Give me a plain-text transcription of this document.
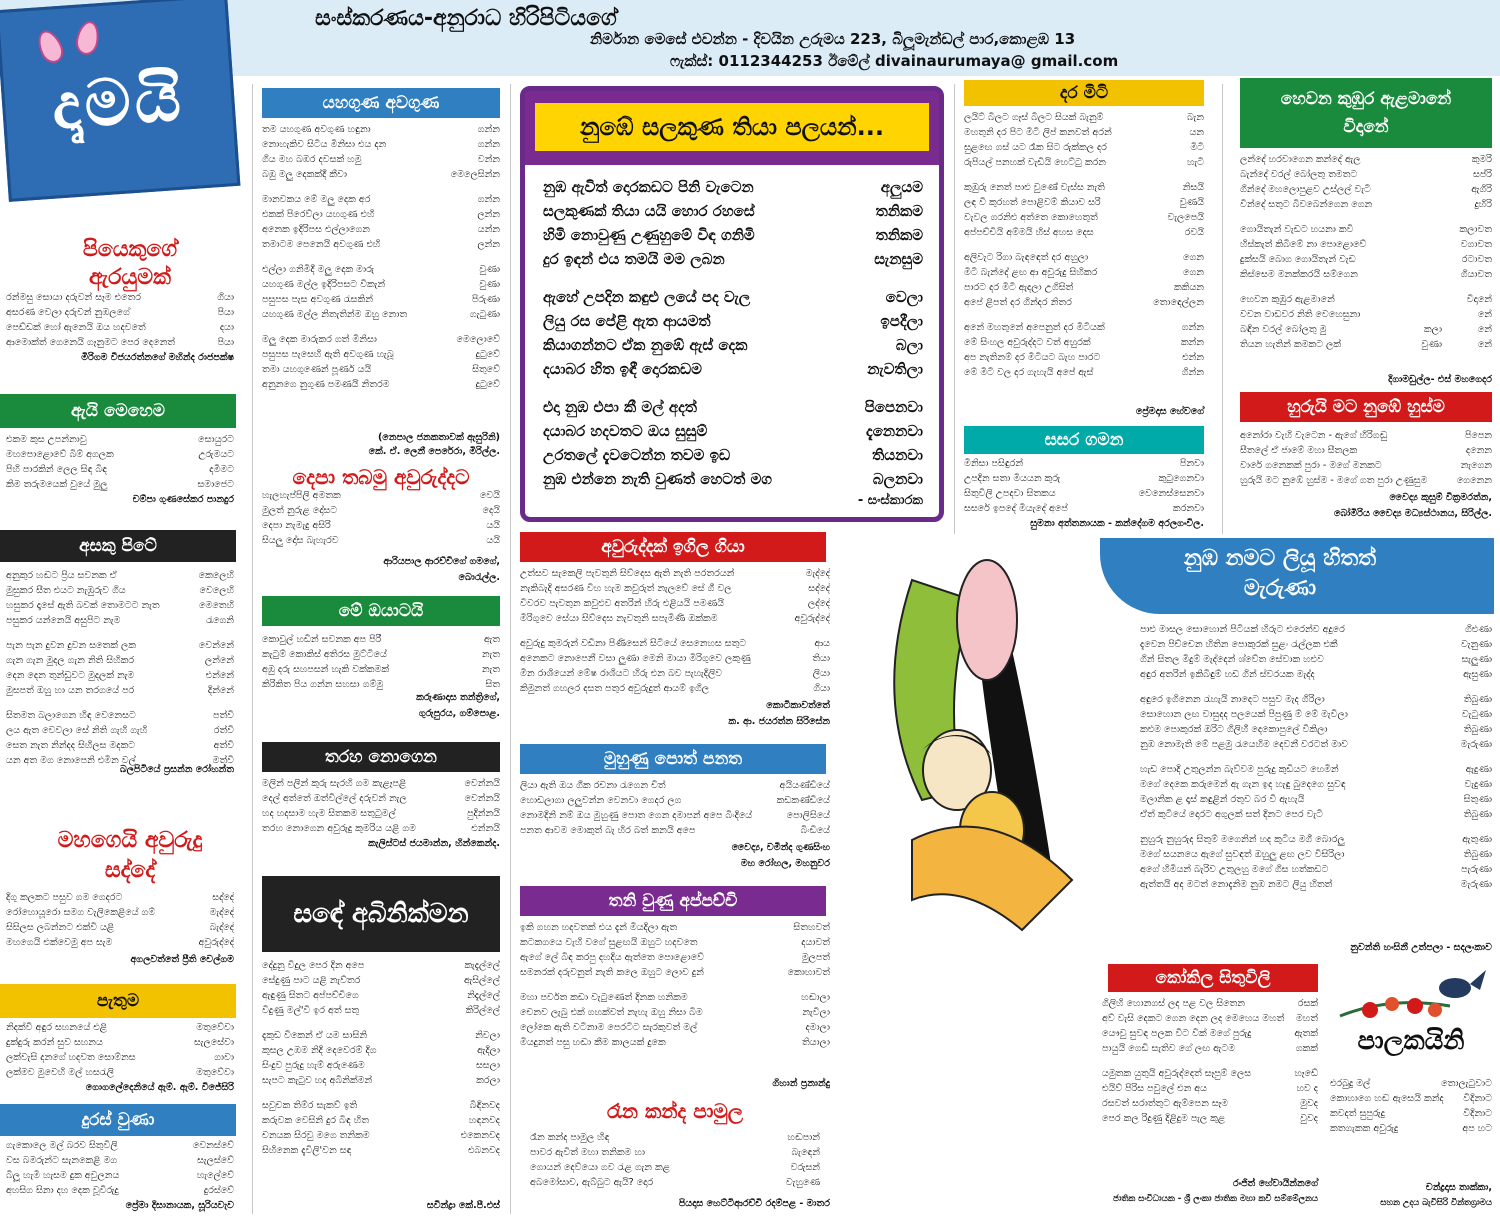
සංස්කරණය-අනුරාධ හිරිපිටියගේ
නිර්මාන මෙසේ එවන්න - දිවයින උරුමය 223, බිලූමැන්ඩල් පාර,කොළඹ 13
ෆැක්ස්: 0112344253 ඊමේල් divainaurumaya@ gmail.com
ද්‍රුමයි
පියෙකුගේ ඇරයුමක්
රන්මසු සොයා දරුවන් සෑම එතෙර	ගියා
අසරණ වෙලා දරුවන් නුඹලගේ	පියා
පෙඩ්ඩක් හෝ ඇනෙයි ඔය හදවතේ	දයා
ආමොක්ත් ගෙනෙයි ගෑනුමට පෙර දෙනෙත්	පියා
මිරිගම විජයරත්නගේ මහින්ද රාජපක්ෂ
ඇයි මෙහෙම
එකම කුස උපන්නාවු	සොයුරට
මහපොළොවේ බිම් අගලක	උරුමයට
පිහි පාරකින් ලෙල සිඳ බිඳ	දමීමට
කිම තරුමයෙක් වුයේ මුලු	සමාජෙට
චම්පා ගුණසේකර පානදුර
අසකු පිටේ
අනුකුර හඬට ප්‍රිය සවනක ඒ	කෙලෙහි
මුසුකර සීත එයට නැඹුරුව ගිය	වෙලෙහි
හසුකර දෑසේ ඇති බවක් තොමටට නැත	මෙතෙහි
පසුකර යන්නෙයි අසුපිට නැම	රැගෙනි
පැන පැන දුවන දුවන සතෙක් ලක	වෙන්නේ
ගැන ගැන මුදල ගැන නිති සිහිකර	ලන්නේ
දෙන දෙන තුන්ඩුවට මුදලක් නැම	එන්නේ
මුසපත් ඔහු හා යන තරගයේ පර	දින්නේ
සිතමත බලාගෙන හිඳ වෙනෙසට	පත්වී
ලය ඇත වෙවලා සේ නිති ගැහි ගැහි	රත්වී
සෙත නැත නින්දද සිහිලස මදකට	අත්වී
යන අත මග නොපෙනි එමින වල්	මත්වී
බලපිටියේ ප්‍රසන්න රෝහන්ත
මහගෙයි අවුරුදු සද්දේ
දිගු කලකට පසුව ගම ගෙදරට	සද්දේ
රෝහොයූරො සමග වැලිකෙළියේ ගම්	මැද්දේ
සිසිලස ලබන්නට එක්වී යළි	බැද්දේ
මහගෙයි එක්වෙමු අප සැම	අවුරුද්දේ
අගලවත්තේ ප්‍රීති වෙල්ගම
පැතුම
නිදක්වී අඳුර සහනයේ එළි	මතුවේවා
දුක්දුරු කරන් සුව සහනය	සැලසේවා
ලක්වැසි දනගේ හදවත සොම්නස	ගාවා
ලක්මව මුවෙහි මල් හසරැලි	මතුවේවා
ගොගලේදෙනියේ ඇම්. ඇම්. විජේසිරි
දුරස් වුණා
ගැකොලෙ මල් බරව සිතුවිලි	වෙනස්වේ
වස බමරුන්ට සැනකෙළි මග	සැලස්වේ
බිලූ හැමි හැසම දුක අවුලනය	හැලේවේ
අහසිග සිනා දහ දෙක වූවිරුදු	දුරස්වේ
ප්‍රේමා දිසානායක, සූරියවැව
යහගුණ අවගුණ
තම යහගුණ අවගුණ හඳුනා	ගන්න
නොහැකිව සිටිය මිනිසා එය දන	ගන්න
ගිය මහ බඹර දවසක් හමු	වන්න
බඹු මලු දෙකක්දී කීවා	මෙලෙසින්න
මානවකය මේ මලු දෙක අර	ගන්න
එකක් පිරෙව්ලා යහගුණ එහි	ලන්න
අනෙක ඉදිරිපස එල්ලාගෙන	යන්න
තමාටම පෙනෙයි අවගුණ එහි	ලන්න
එල්ලා ගනිමිදී මලු දෙක මාරු	වුණා
යහගුණ මල්ල ඉදිරිපසට වීකැන්	වුණා
පසුපස පැස අවගුණ රැසකින්	පිරුණා
යහගුණ මල්ල නිතැතින්ම ඔහු නොත	ගැටුණා
මලු දෙක මාරුකර ගත් මිනිසා	මෙලොවේ
පසුපස පැසෙහි ඇති අවගුණ හැබූ	දුටුවේ
තමා යහගුණෙන් පූර්ණ යයි	සිතුවේ
අනුනගෙ නුගුණ පමණයි නිතරම	දුටුවේ
(නෙපාල ජනකතාවක් ඇසුරිනි)
කේ. ඒ. ලෙනී පෙරේරා, මිරිල්ල.
දෙපා තබමු අවුරුද්දට
හැලහැප්පිලි අමතක	වෙයි
මුලත් නුරුළ දෝසට	දෙයි
දෙපා නැමැදු අසිරි	යයි
සියලු දෝස බැහැරව	යයි
ආරියපාල ආරච්චිගේ ගමගේ,
බොරැල්ල.
මේ ඔයාටයි
කොවුල් හඩින් සවනක අප පිරී	ඇත
කැටුම් කොකිස් අතිරස මුට්ටියේ	නැත
අඹු දරු සහපසන් හැකි වක්කමක්	නැත
කිරිකිත පිය ගන්න සහසා ගම්මු	සිත
කරුණාදාස තන්ත්‍රිගේ,
ගුරුපුරය, ගම්පොළ.
තරහ නොගෙන
මලින් පලින් කුරු සැරහි ගම කැළෑපළි	වෙන්නයි
දෙල් අත්තේ ඔත්වීල්ලේ දරුවන් නැල	වෙන්නයි
හද හදසාම හැම සිතකම සතුටුමල්	පුදින්නයි
තරහ නොගෙන අවුරුදු කුමරිය යළි ගම	එන්නයි
කැලිස්ටස් ජයමාන්න, හින්කෙන්ද.
සඳේ අබිනික්මන
දේදුනු විදුල පෙර දින අපෙ	කැදැල්ලේ
සේදුණු පාට යළි නැව්තර	ඇසිල්ලේ
ඇඳුණු සිතට අප්පච්චිගෙ	නිදැල්ලේ
විදුණු මල්'වි ඉර අත් සතු	කිරිල්ලේ
දැකුඩ වීකෙන් ඒ යම සාසිනි	නිවලා
කුසල උඹම නිදි දෙවෙරම් දිග	ඇදිලා
සිංදුව පුරුදු හැම් අරුණෙම	සසලා
සැපට කැටුව හද අබිනික්මන්	කරලා
සවුචක තිම්ර සැකව් ඉති	බිඳිනවද
කරුවක වෙසිනි දුර බිඳ හිත	හඳනවද
චනයක සිරවු මගෙ තනිකම	එකෙනවද
සිහිනෙක දැවිලි'වන සඳ	එබනවද
සවින්ද්‍රා කේ.පී.එස්
නුඹේ සලකුණ තියා පලයන්...
නුඹ ඇවිත් දොරකඩට පිනි වැටෙන	අලුයම
සලකුණක් තියා යයි හොර රහසේ	තනිකම
හිමි නොවුණු උණුහුමේ විඳ ගනිමි	තනිකම
දුර ඉඳන් එය තමයි මම ලබන	සැනසුම
ඇහේ උපදින කඳුළු ලයේ පද වැල	වෙලා
ලියු රස පේළි ඇත ආයමත්	ඉපදීලා
කියාගන්නට ඒක නුඹේ ඇස් දෙක	බලා
දයාබර හිත ඉඳී දොරකඩම	නැවතිලා
එදා නුඹ එපා කී මල් අදත්	පිපෙනවා
දයාබර හදවතට ඔය සුසුම්	දැනෙනවා
උරතලේ දැවටෙන්න තවම ඉඩ	තියනවා
නුඹ එන්නෙ නැති වුණත් හෙටත් මග	බලනවා
- සංස්කාරක
අවුරුද්දක් ඉගිල ගියා
උත්සව සැකෙලි පැවතුනි සිව්දෙස ඇති නැති පරතරයන්	මැද්දේ
නැකිබැදි අසරණ විහ හැම කවුරුත් නැලවේ සේ ගී වල	සද්දේ
විවරව පැවතුන කවුළුව අතරින් හිරු එළියයි පමණයි	ලද්දේ
මිරිගුවෙ සේයා සිව්දෙස නැවතුනි සපැමිණි ඔක්කම	අවුරුද්දේ
අවුරුදු කුමරුන් වඩිනා පිණිසෙන් සිටියේ සෙනෙහස සතුට	ආය
අනෙකට නොපෙනී වසා ලුණා මෙනි මායා මිරිගුවෙ ලකුණු	තියා
මීන රාශියෙන් මේෂ රාශියට හිරු එන බව පැහැදිලිව	ලියා
කිමුනත් ගහලර දසත පතුර අවුරුදුත් ආයම් ඉගිල	ගියා
කොටිකාවත්තේ
ක. ආ. ජයරත්න සිරිසේන
මුහුණු පොත් පනත
ලියා ඇති ඔය ගීක රචනා රැගෙන චිත්	අයියණ්ඩියේ
හොඩලාගා ලලුවන්න වෙනවා ගෙදර ලග	කඩකණ්ඩියේ
නොමදිනි නම් ඔය මුහුණු පොත ගෙන දමාපන් අපෙ බිංදියේ	පොලිසියේ
පනත ආවම මොකුත් බැ හිර බත් කනයි අපෙ	බිංඩියේ
වෛද්‍ය, චමින්ද ගුණසිංහ
මහ රෝහල, මහනුවර
තනි වුණු අප්පච්චි
ඉකි ගහන හදවතක් එය දැන් මියදිලා ඇත	සිතහවත්
කටකගයෙ වැහි වගේ සුළඟයි ඔහුට හදවතෙ	දයාවත්
ඇගේ ලේ බිඳ කරපු දහදිය ඇත්තෙ පොළොවේ	මුලපත්
සමනරක් දරුවනුත් නැති කලෙ ඔහුට ලොව දුන්	කොහාවත්
මහා පර්වත කඩා වැටුණෙත් දිනක හනිකම	හඬාලා
චෙනව ලැබු එක් ගහක්වත් නැහැ ඔහු නිසා බිම	නැවීලා
ලෝකෙ ඇති වටිනාම පෙරටිට සැරකුවත් මල්	දමාලා
මියදුනත් පසු හඬා කීම කාලයක් දුකෙ	තියාලා
ගිහාන් ප්‍රනාන්දු
රෑන කන්ද පාමුල
රෑන කන්ද පාමුල හිඳ	හඬපාන්
පාවර ඇවිත් මහා තනිකම හා	බැඳෙන්
ගොයන් දෙව්යො ගව රැළ ගැන කළ	වරුසන්
අබමෝසාව, ඇබ්බුට ඇයි? දොර	වැහුණෙ
පියදාස හෙට්ටිආරච්චි රදම්පළ - මාතර
දර මිටි
ලයිට් බිලට ගෑස් බිලට සියක් බැනුම්	බැන
මහතුනි දර පිට මිටි ලිප් කනවත් අරන්	යන
සුළඟෙ ගස් යට රෑක සිට රුක්කල දර	මිටි
රුපියල් පනහක් වැඩියි හෙට්ටු කරන	හැටි
කුඹුරු නෙත් පාළු වුණේ වැස්ස නැති	නිසයි
ලඳ වී කුරහත් පොළිවම් කියාව සරි	වුණයි
වැවල ගරනිළු අත්තෙ කොහෙතුත්	වැලපෙයි
අප්පච්චියි අම්මයි හිස් අහස දෙස	රවයි
අලිවැට රිගා බැඳඳෙත් දර අහුලා	ගෙන
මිටි බැන්දේ ළඟ ආ අවුරුදු සිහිකර	ගෙන
පාරට දර මිටි ඇදලා උගිසිත්	කකියන
අපේ ළිපත් දර ගින්දර නිතර	තොඳෙල්ලන
අනේ මහතුනේ අපෙනුත් දර මිටියක්	ගන්න
මේ සිංහල අවුරුද්දට වත් අහුරක්	කන්න
අප නැතිනම් දර මිටියට බැහ පාරට	එන්න
මේ මිටි වල දර ගැහැයි අපේ ඇස්	ගින්න
ප්‍රේමදාස හේවගේ
සසර ගමන
මිනිසා පසිඳුරන්	පිනවා
උපදින සතා මියයන කුරු	කුටුගෙනවා
සිතුවිලි උපදවා සිතකය	වෙනෙස්සෙනවා
සසරේ ඉපදේ මියැදේ අපේ	කරනවා
සුමනා අත්තනායක - කන්දේගම අරලගංවිල.
හෙවන කුඹුර ඇළමානේ විදානේ
ලන්දේ හරවාගෙන කන්දේ ඇල	කුමරි
බැන්දේ වරල් බෝලතු තමතට	සප්රි
ගින්දේ මහලොපුළව උස්ලල් වැටි	ඇගිරි
වින්දේ සතුට බිවබෙන්ගෙන ගෙන	දුහිරි
ගොයිතැන් වැඩට හයනා කවි	කලාවත
හිස්කැත් කිබිමේ නා පොළොවේ	වගාවත
දුක්සයි බොග ගොයිතැන් වැඩ	රටාවත
කිස්සෙම මනක්කරයි සම්ගෙන	ගියාවත
හෙවන කුඹුර ඇළමානේ	විදානේ
වවන වාඩවර නිති වෙහෙසුනා	නේ
බඳින වරල් බෝලතු මු	නේ
කලා
තියන හැතින් කමකට ලක්	නේ
වුණා
දිගාමඩුල්ල- එස් මහගෙදර
හුරුයි මට නුඹේ හුස්ම
අනෝරා වැහි වැටෙන - ඇගේ හිරිගඬු	පිපෙන
සීතලේ ඒ ජාමේ මහා සීතලක	දනෙන
වාරේ ගනෙකක් පුරා - මගේ මනකට	නැගෙන
හුරුයි මට නුඹේ හුස්ම - මගේ ගත පුරා උණුසුම	ගෙනෙන
වෛද්‍ය කුසුම් වික්‍රමරත්න,
බෝමිරිය වෛද්‍ය මධ්‍යස්ථානය, සිරිල්ල.
නුඹ නමට ලියූ හිතත් මැරුණා
පාළු මාසල සොහොන් පිටියක් හිරුට එරෙන්ව අදුරෙ	ගිළුණා
දැවෙන පිච්චෙන හිතින පොකුරක් සුළං රැල්ලක එකී	වැනුණා
ගින් සිතල මිදුම් මැද්දෙන් ශ්වේත සේවාක හළුව	සැලුණා
අඳුර අතරින් ඉකිබිඳුම් හඩ ගින් ස්වරයක මැද්ද	ඇසුණා
අඳුරෙ ඉගිනෙන රැහැයි නාදෙට පසුව මැද ගිරිලා	තිබුණා
සොහොන ලඟ වාසුදද පලයෙක් පිපුණු ම් මේ මැවිලා	වැටුණා
කළුම පොකුරක් ඔරිට ගිලිහී දෙකොපුලේ විකිලා	තිබුණා
නුඹ නොමැති මේ පළමු රැයෙහිම දෙවනී වරටත් මාව	මැරුණා
හැඩ පොදි උතුලන්න බැව්වම පුරුදු කුඩියට හෙමින්	ඇදුණා
මගේ දෙකෙ කරුමෙන් ඇ ගැන ඉද හැඳු බුදෙගෙ සුවඳ	වැදුණා
මලානික ළ දෑස් කඳුළින් රතුව බර වී ඇහැයි	සිතුණා
ඒත් කුටියේ දොරට අගුලක් සත් දිනට පෙර වැටී	තිබුණා
නුහුරු නුහුරුද සිතුම් මගෙනින් හද කුටිය මගී බොරලු	ඇතුණා
මගේ සයනයෙ ඇගේ සුවඳත් ඔහුලු ළඟ ලව විසිරිලා	තිබුණා
අගේ හිමියන් බැරිව උතුලහු මගේ ගිස හත්කඩට	පැරුණා
ඇත්තයි අද මටත් නොදැනිම නුඹ නමට ලියු හිතත්	මැරුණා
නුවන්ති හංසිනී උත්පලා - සදලංකාව
කෝකිල සිතුවිලි
ගිලිහි හොනගස් ලද පළ වල සිතෙන	රසක්
අව් වැසි දෙකට ගෙන දෙන ලද මෙහෙය මහත් මහත්
යෞවු සුවඳ පලක වීට වික් මගේ පුරුදු	ඇතක්
පායුයි ගෙඩි සැතිව ගේ ලඟ ඇටම	ගකක්
යමුතක යුතුයි අවුරුද්දෙත් සෑපුම් ලෙස	හෑඩේ
එයිව් පිරිස පවුලේ එන අය	හව ද
රසවත් සරාත්තුට ඇම්පෙන සෑම	මුවද
පෙර කල රිදුණු දිළිදුම පැල කුළ	වුවද
රංජිත් හේවායින්නගේ
ජාතික සංවිධායක - ශ්‍රී ලංකා ජාතික මහා කවි සම්මේලනය
පාලකයිනි
එරබුදු මල්	තොලැටුවාට
කොහාගෙ හඬ ඇසෙයි කන්ද විදිනාට
කවදත් සුපුරුදු	විදිනාට
කතගැකක අවුරුදු	අප හට
චන්ද්‍රදාස තාක්කා,
සහන උදය බැවිසිරි වින්තග්‍රාමය
